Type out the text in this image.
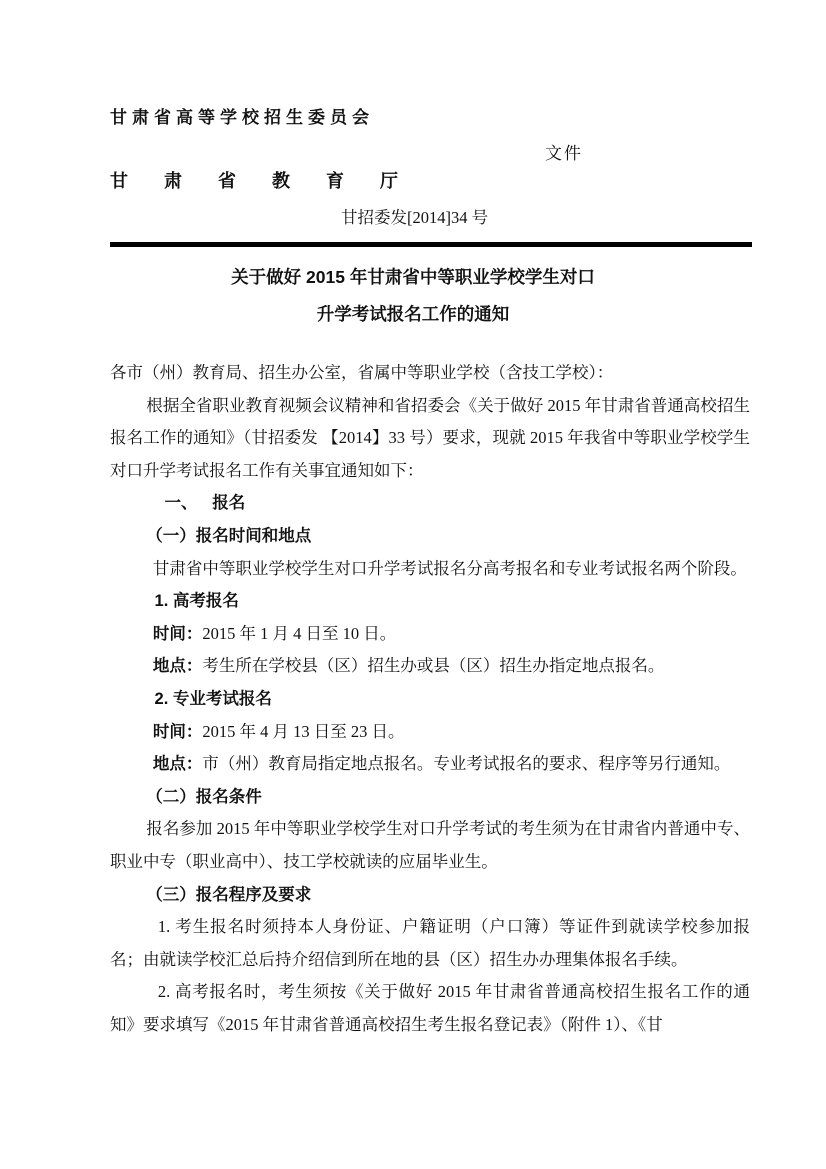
甘肃省高等学校招生委员会
文件
甘肃省教育厅
甘招委发[2014]34 号
关于做好 2015 年甘肃省中等职业学校学生对口
升学考试报名工作的通知

各市（州）教育局、招生办公室，省属中等职业学校（含技工学校）：

根据全省职业教育视频会议精神和省招委会《关于做好 2015 年甘肃省普通高校招生报名工作的通知》（甘招委发 【2014】33 号）要求，现就 2015 年我省中等职业学校学生对口升学考试报名工作有关事宜通知如下：

一、 报名

（一）报名时间和地点

甘肃省中等职业学校学生对口升学考试报名分高考报名和专业考试报名两个阶段。

1. 高考报名

时间：2015 年 1 月 4 日至 10 日。

地点：考生所在学校县（区）招生办或县（区）招生办指定地点报名。

2. 专业考试报名

时间：2015 年 4 月 13 日至 23 日。

地点：市（州）教育局指定地点报名。专业考试报名的要求、程序等另行通知。

（二）报名条件

报名参加 2015 年中等职业学校学生对口升学考试的考生须为在甘肃省内普通中专、职业中专（职业高中）、技工学校就读的应届毕业生。

（三）报名程序及要求

1. 考生报名时须持本人身份证、户籍证明（户口簿）等证件到就读学校参加报名；由就读学校汇总后持介绍信到所在地的县（区）招生办办理集体报名手续。

2. 高考报名时，考生须按《关于做好 2015 年甘肃省普通高校招生报名工作的通知》要求填写《2015 年甘肃省普通高校招生考生报名登记表》（附件 1）、《甘
